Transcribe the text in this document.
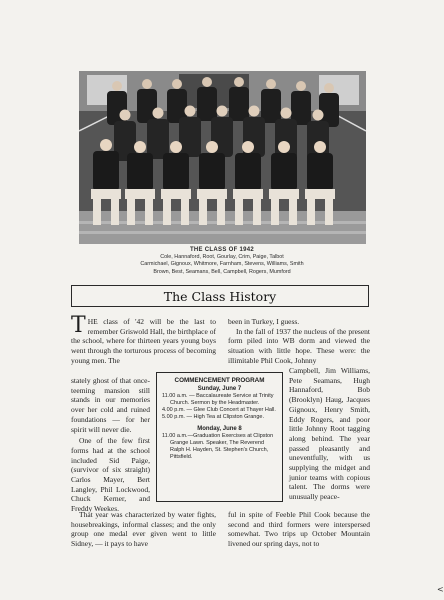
THE CLASS OF 1942
Cole, Hannaford, Root, Gourlay, Crim, Paige, Talbot
Carmichael, Gignoux, Whitmore, Farnham, Stevens, Williams, Smith
Brown, Best, Seamans, Bell, Campbell, Rogers, Mumford
The Class History

THE class of '42 will be the last to remember Griswold Hall, the birthplace of the school, where for thirteen years young boys went through the torturous process of becoming young men. The

stately ghost of that once-teeming mansion still stands in our memories over her cold and ruined foundations — for her spirit will never die.

One of the few first forms had at the school included Sid Paige, (survivor of six straight) Carlos Mayer, Bert Langley, Phil Lockwood, Chuck Kerner, and Freddy Weekes.

That year was characterized by water fights, housebreakings, informal classes; and the only group one medal ever given went to little Sidney, — it pays to have

been in Turkey, I guess.

In the fall of 1937 the nucleus of the present form piled into WB dorm and viewed the situation with little hope. These were: the illimitable Phil Cook, Johnny

Campbell, Jim Williams, Pete Seamans, Hugh Hannaford, Bob (Brooklyn) Haug, Jacques Gignoux, Henry Smith, Eddy Rogers, and poor little Johnny Root tagging along behind. The year passed pleasantly and uneventfully, with us supplying the midget and junior teams with copious talent. The dorms were unusually peace-

ful in spite of Feeble Phil Cook because the second and third formers were interspersed somewhat. Two trips up October Mountain livened our spring days, not to

COMMENCEMENT PROGRAM
Sunday, June 7

11.00 a.m. — Baccalaureate Service at Trinity Church. Sermon by the Headmaster.

4.00 p.m. — Glee Club Concert at Thayer Hall.

5.00 p.m. — High Tea at Clipston Grange.

Monday, June 8

11.00 a.m.—Graduation Exercises at Clipston Grange Lawn. Speaker, The Reverend Ralph H. Hayden, St. Stephen's Church, Pittsfield.

<
